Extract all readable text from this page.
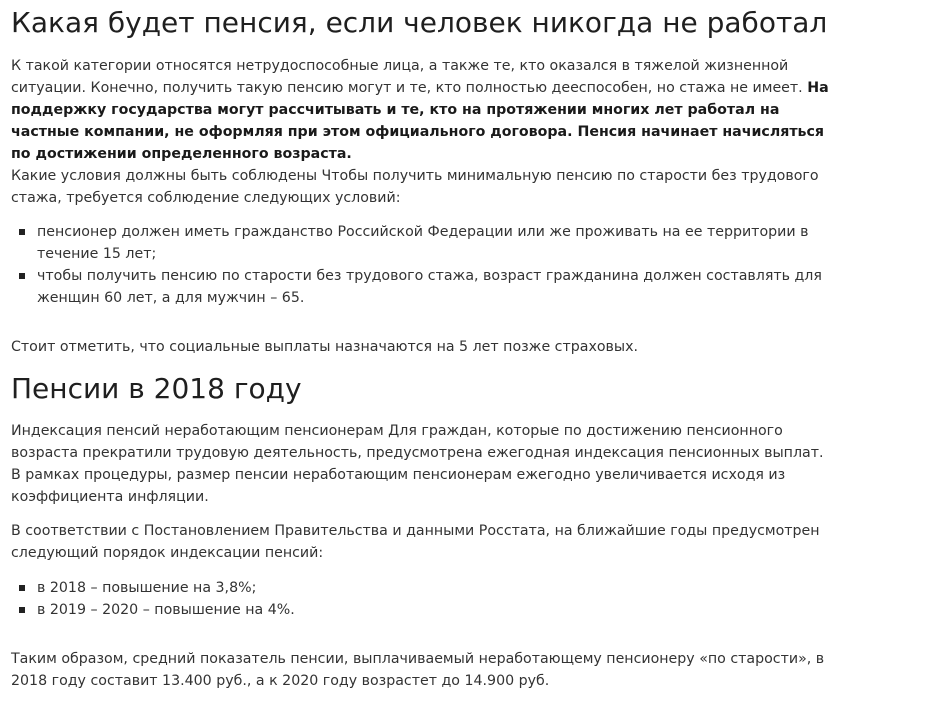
Какая будет пенсия, если человек никогда не работал

К такой категории относятся нетрудоспособные лица, а также те, кто оказался в тяжелой жизненной ситуации. Конечно, получить такую пенсию могут и те, кто полностью дееспособен, но стажа не имеет. На поддержку государства могут рассчитывать и те, кто на протяжении многих лет работал на частные компании, не оформляя при этом официального договора. Пенсия начинает начисляться по достижении определенного возраста.

Какие условия должны быть соблюдены Чтобы получить минимальную пенсию по старости без трудового стажа, требуется соблюдение следующих условий:

пенсионер должен иметь гражданство Российской Федерации или же проживать на ее территории в течение 15 лет;
чтобы получить пенсию по старости без трудового стажа, возраст гражданина должен составлять для женщин 60 лет, а для мужчин – 65.

Стоит отметить, что социальные выплаты назначаются на 5 лет позже страховых.

Пенсии в 2018 году

Индексация пенсий неработающим пенсионерам Для граждан, которые по достижению пенсионного возраста прекратили трудовую деятельность, предусмотрена ежегодная индексация пенсионных выплат. В рамках процедуры, размер пенсии неработающим пенсионерам ежегодно увеличивается исходя из коэффициента инфляции.

В соответствии с Постановлением Правительства и данными Росстата, на ближайшие годы предусмотрен следующий порядок индексации пенсий:

в 2018 – повышение на 3,8%;
в 2019 – 2020 – повышение на 4%.

Таким образом, средний показатель пенсии, выплачиваемый неработающему пенсионеру «по старости», в 2018 году составит 13.400 руб., а к 2020 году возрастет до 14.900 руб.
